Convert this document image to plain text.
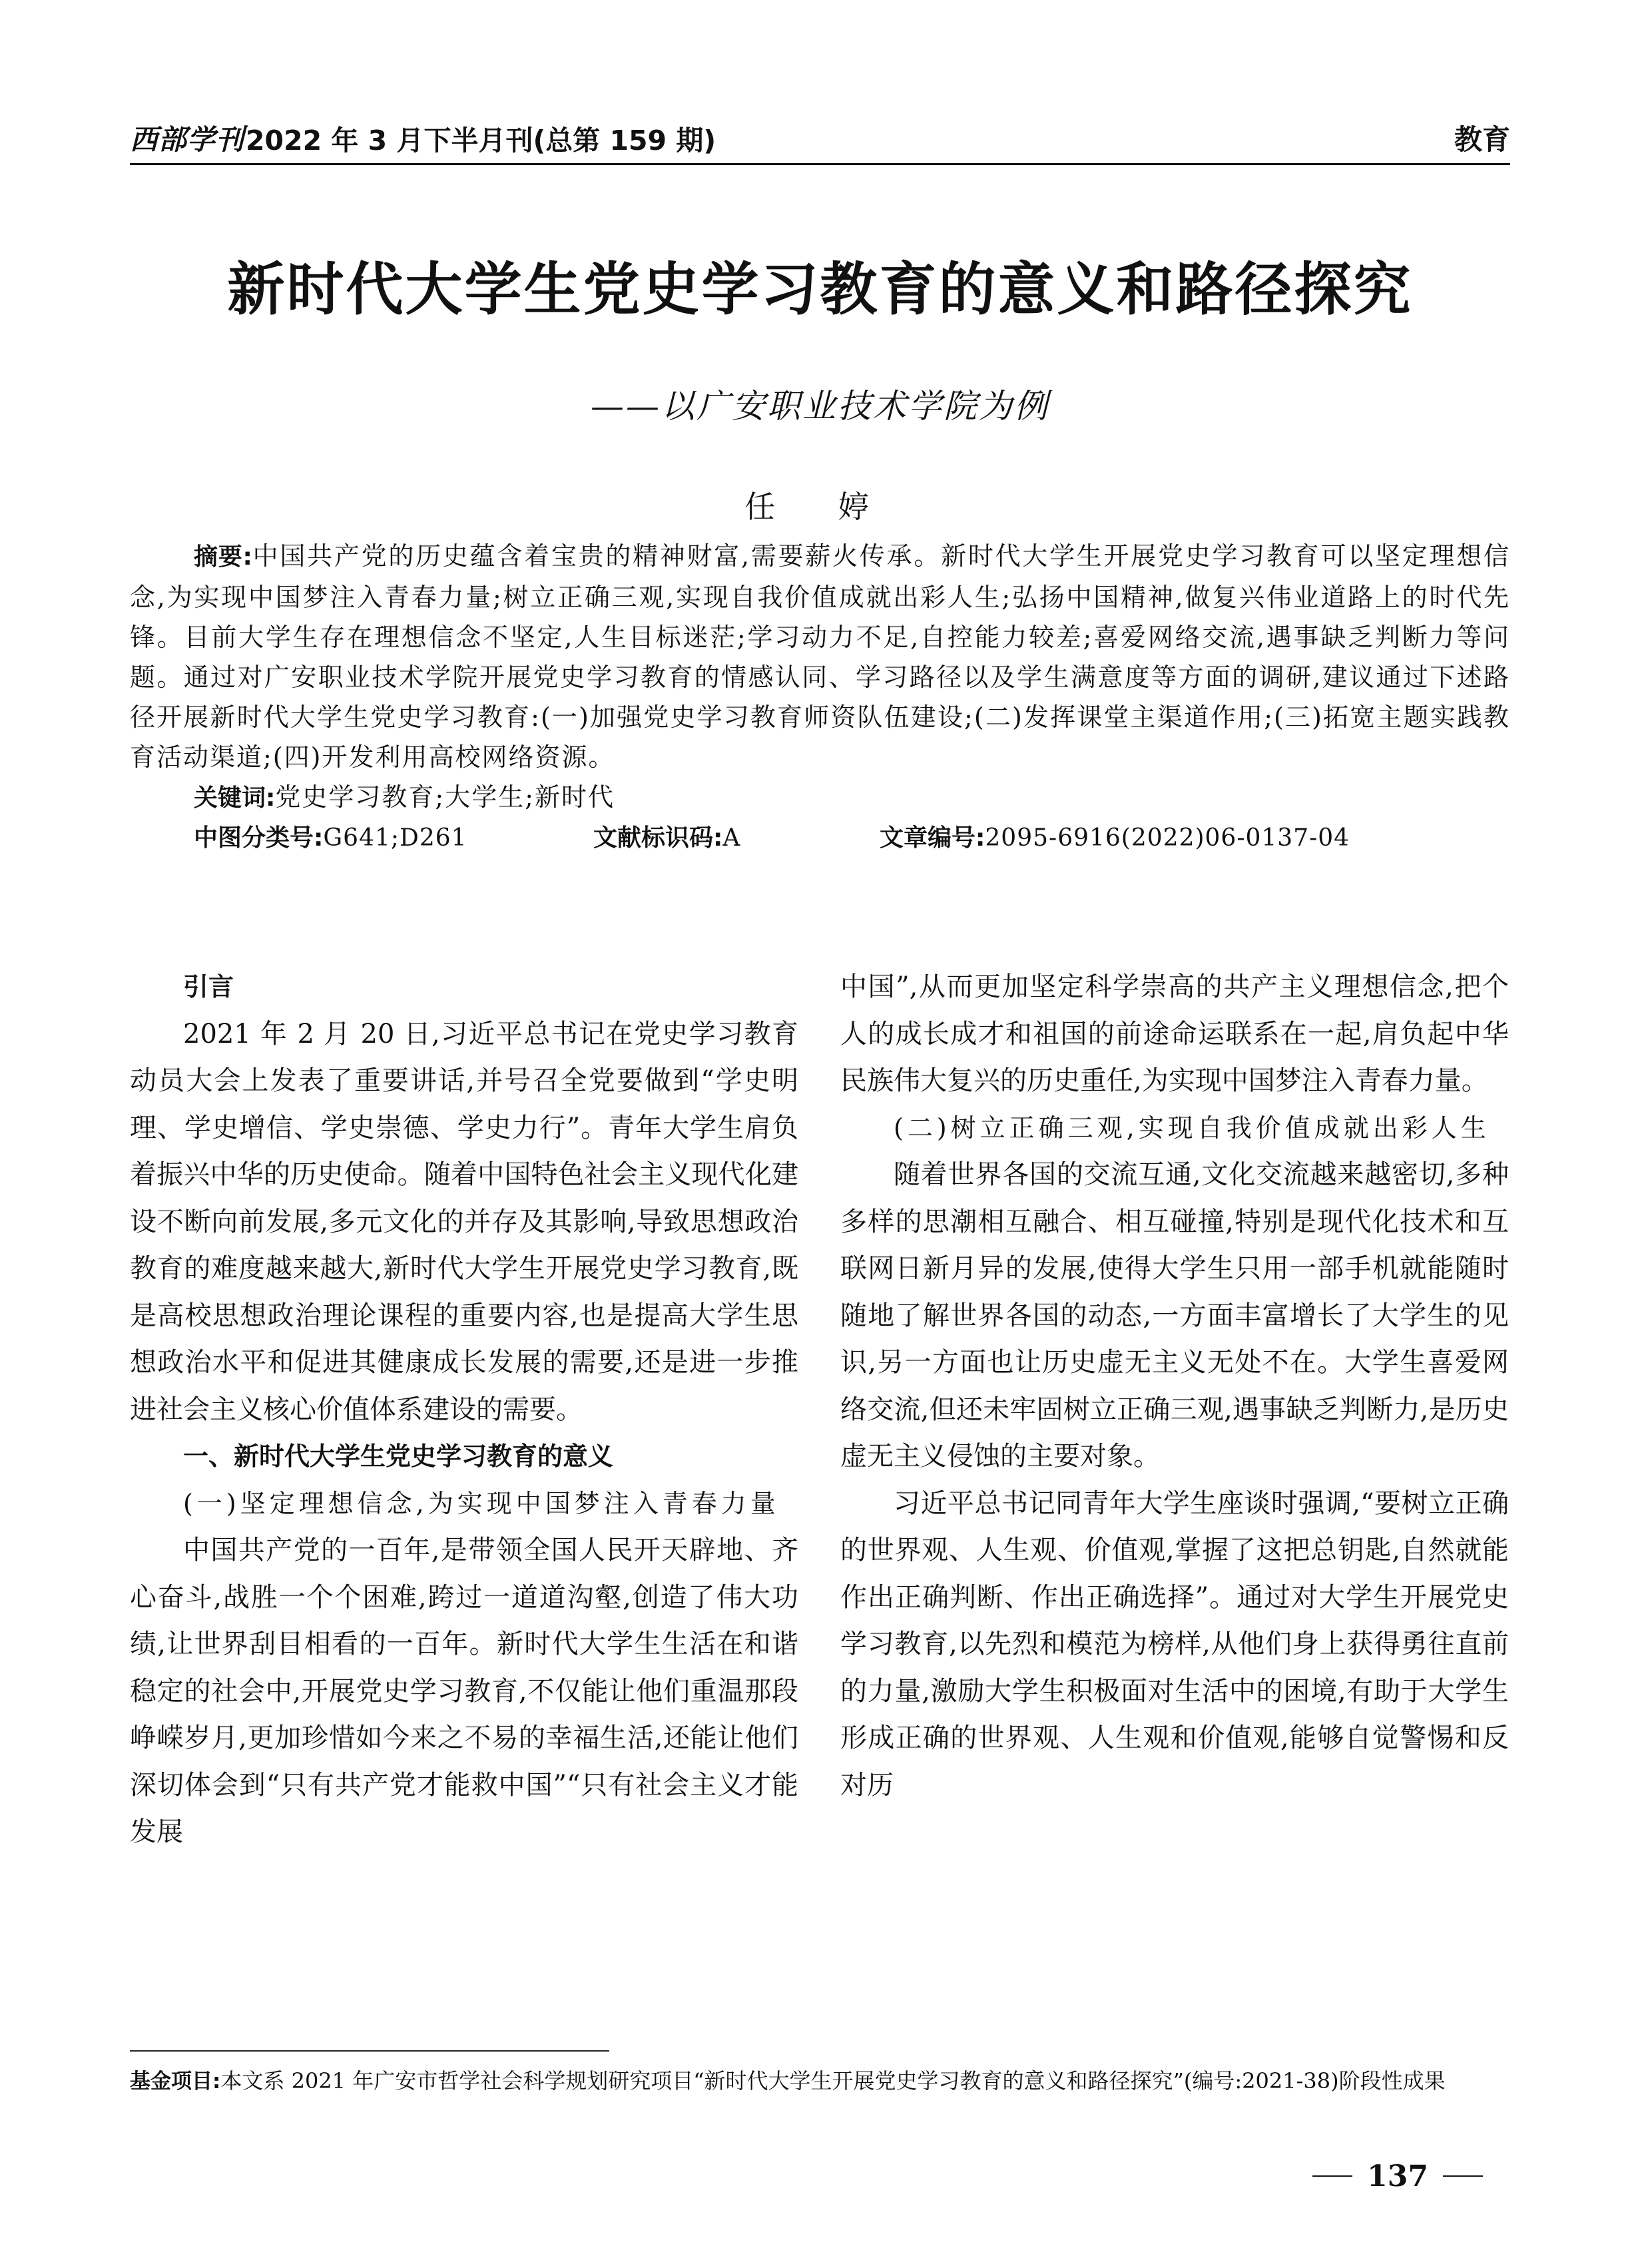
西部学刊 2022 年 3 月下半月刊(总第 159 期)	教育
新时代大学生党史学习教育的意义和路径探究
——以广安职业技术学院为例
任 婷

摘要:中国共产党的历史蕴含着宝贵的精神财富,需要薪火传承。新时代大学生开展党史学习教育可以坚定理想信念,为实现中国梦注入青春力量;树立正确三观,实现自我价值成就出彩人生;弘扬中国精神,做复兴伟业道路上的时代先锋。目前大学生存在理想信念不坚定,人生目标迷茫;学习动力不足,自控能力较差;喜爱网络交流,遇事缺乏判断力等问题。通过对广安职业技术学院开展党史学习教育的情感认同、学习路径以及学生满意度等方面的调研,建议通过下述路径开展新时代大学生党史学习教育:(一)加强党史学习教育师资队伍建设;(二)发挥课堂主渠道作用;(三)拓宽主题实践教育活动渠道;(四)开发利用高校网络资源。

关键词:党史学习教育;大学生;新时代
中图分类号:G641;D261	文献标识码:A	文章编号:2095-6916(2022)06-0137-04
引言

2021 年 2 月 20 日,习近平总书记在党史学习教育动员大会上发表了重要讲话,并号召全党要做到“学史明理、学史增信、学史崇德、学史力行”。青年大学生肩负着振兴中华的历史使命。随着中国特色社会主义现代化建设不断向前发展,多元文化的并存及其影响,导致思想政治教育的难度越来越大,新时代大学生开展党史学习教育,既是高校思想政治理论课程的重要内容,也是提高大学生思想政治水平和促进其健康成长发展的需要,还是进一步推进社会主义核心价值体系建设的需要。

一、新时代大学生党史学习教育的意义
(一)坚定理想信念,为实现中国梦注入青春力量

中国共产党的一百年,是带领全国人民开天辟地、齐心奋斗,战胜一个个困难,跨过一道道沟壑,创造了伟大功绩,让世界刮目相看的一百年。新时代大学生生活在和谐稳定的社会中,开展党史学习教育,不仅能让他们重温那段峥嵘岁月,更加珍惜如今来之不易的幸福生活,还能让他们深切体会到“只有共产党才能救中国”“只有社会主义才能发展

中国”,从而更加坚定科学崇高的共产主义理想信念,把个人的成长成才和祖国的前途命运联系在一起,肩负起中华民族伟大复兴的历史重任,为实现中国梦注入青春力量。

(二)树立正确三观,实现自我价值成就出彩人生

随着世界各国的交流互通,文化交流越来越密切,多种多样的思潮相互融合、相互碰撞,特别是现代化技术和互联网日新月异的发展,使得大学生只用一部手机就能随时随地了解世界各国的动态,一方面丰富增长了大学生的见识,另一方面也让历史虚无主义无处不在。大学生喜爱网络交流,但还未牢固树立正确三观,遇事缺乏判断力,是历史虚无主义侵蚀的主要对象。

习近平总书记同青年大学生座谈时强调,“要树立正确的世界观、人生观、价值观,掌握了这把总钥匙,自然就能作出正确判断、作出正确选择”。通过对大学生开展党史学习教育,以先烈和模范为榜样,从他们身上获得勇往直前的力量,激励大学生积极面对生活中的困境,有助于大学生形成正确的世界观、人生观和价值观,能够自觉警惕和反对历

基金项目:本文系 2021 年广安市哲学社会科学规划研究项目“新时代大学生开展党史学习教育的意义和路径探究”(编号:2021-38)阶段性成果
137
